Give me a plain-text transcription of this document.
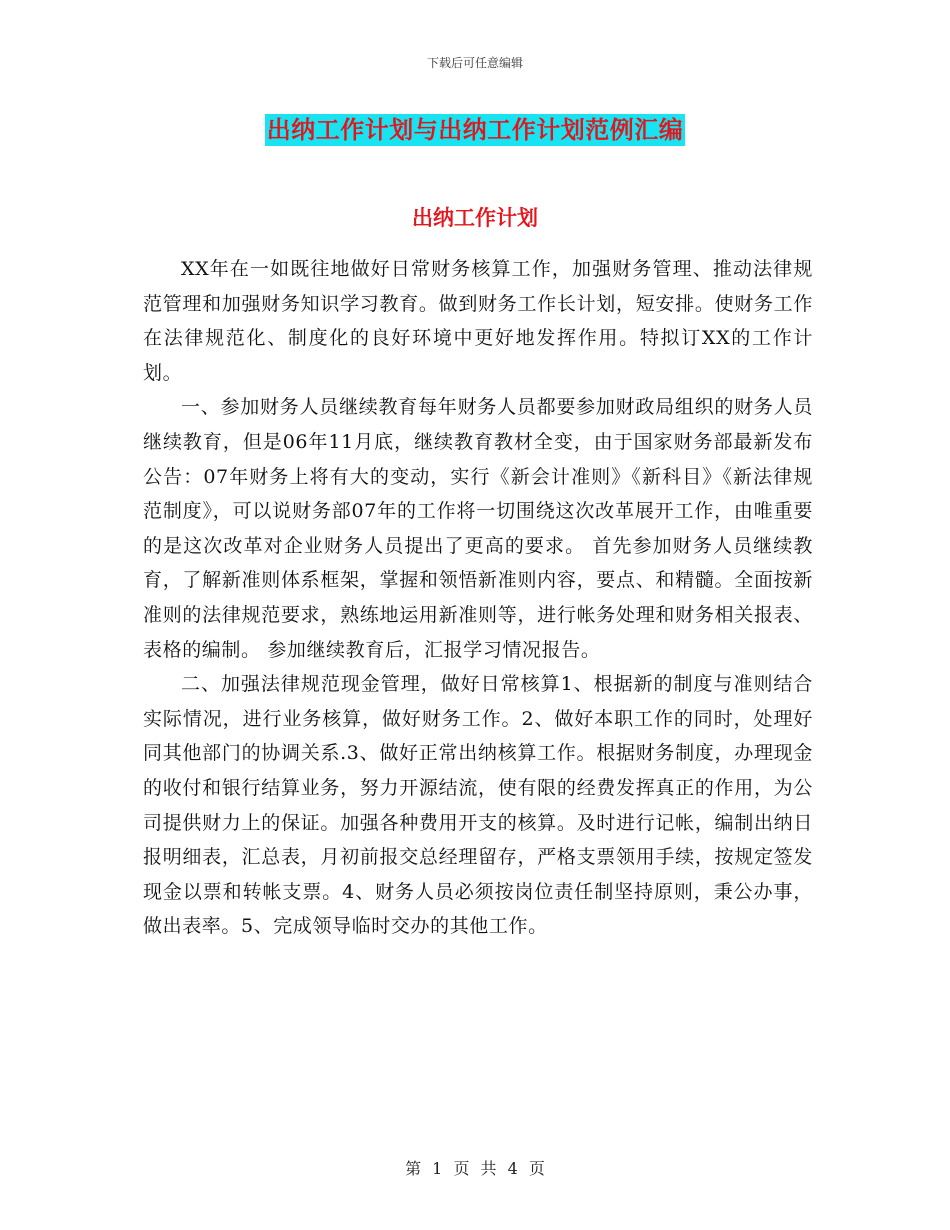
下载后可任意编辑
出纳工作计划与出纳工作计划范例汇编
出纳工作计划

XX年在一如既往地做好日常财务核算工作，加强财务管理、推动法律规范管理和加强财务知识学习教育。做到财务工作长计划，短安排。使财务工作在法律规范化、制度化的良好环境中更好地发挥作用。特拟订XX的工作计划。

一、参加财务人员继续教育每年财务人员都要参加财政局组织的财务人员继续教育，但是06年11月底，继续教育教材全变，由于国家财务部最新发布公告：07年财务上将有大的变动，实行《新会计准则》《新科目》《新法律规范制度》，可以说财务部07年的工作将一切围绕这次改革展开工作，由唯重要的是这次改革对企业财务人员提出了更高的要求。 首先参加财务人员继续教育，了解新准则体系框架，掌握和领悟新准则内容，要点、和精髓。全面按新准则的法律规范要求，熟练地运用新准则等，进行帐务处理和财务相关报表、表格的编制。 参加继续教育后，汇报学习情况报告。

二、加强法律规范现金管理，做好日常核算1、根据新的制度与准则结合实际情况，进行业务核算，做好财务工作。2、做好本职工作的同时，处理好同其他部门的协调关系.3、做好正常出纳核算工作。根据财务制度，办理现金的收付和银行结算业务，努力开源结流，使有限的经费发挥真正的作用，为公司提供财力上的保证。加强各种费用开支的核算。及时进行记帐，编制出纳日报明细表，汇总表，月初前报交总经理留存，严格支票领用手续，按规定签发现金以票和转帐支票。4、财务人员必须按岗位责任制坚持原则，秉公办事，做出表率。5、完成领导临时交办的其他工作。

第 1 页 共 4 页
